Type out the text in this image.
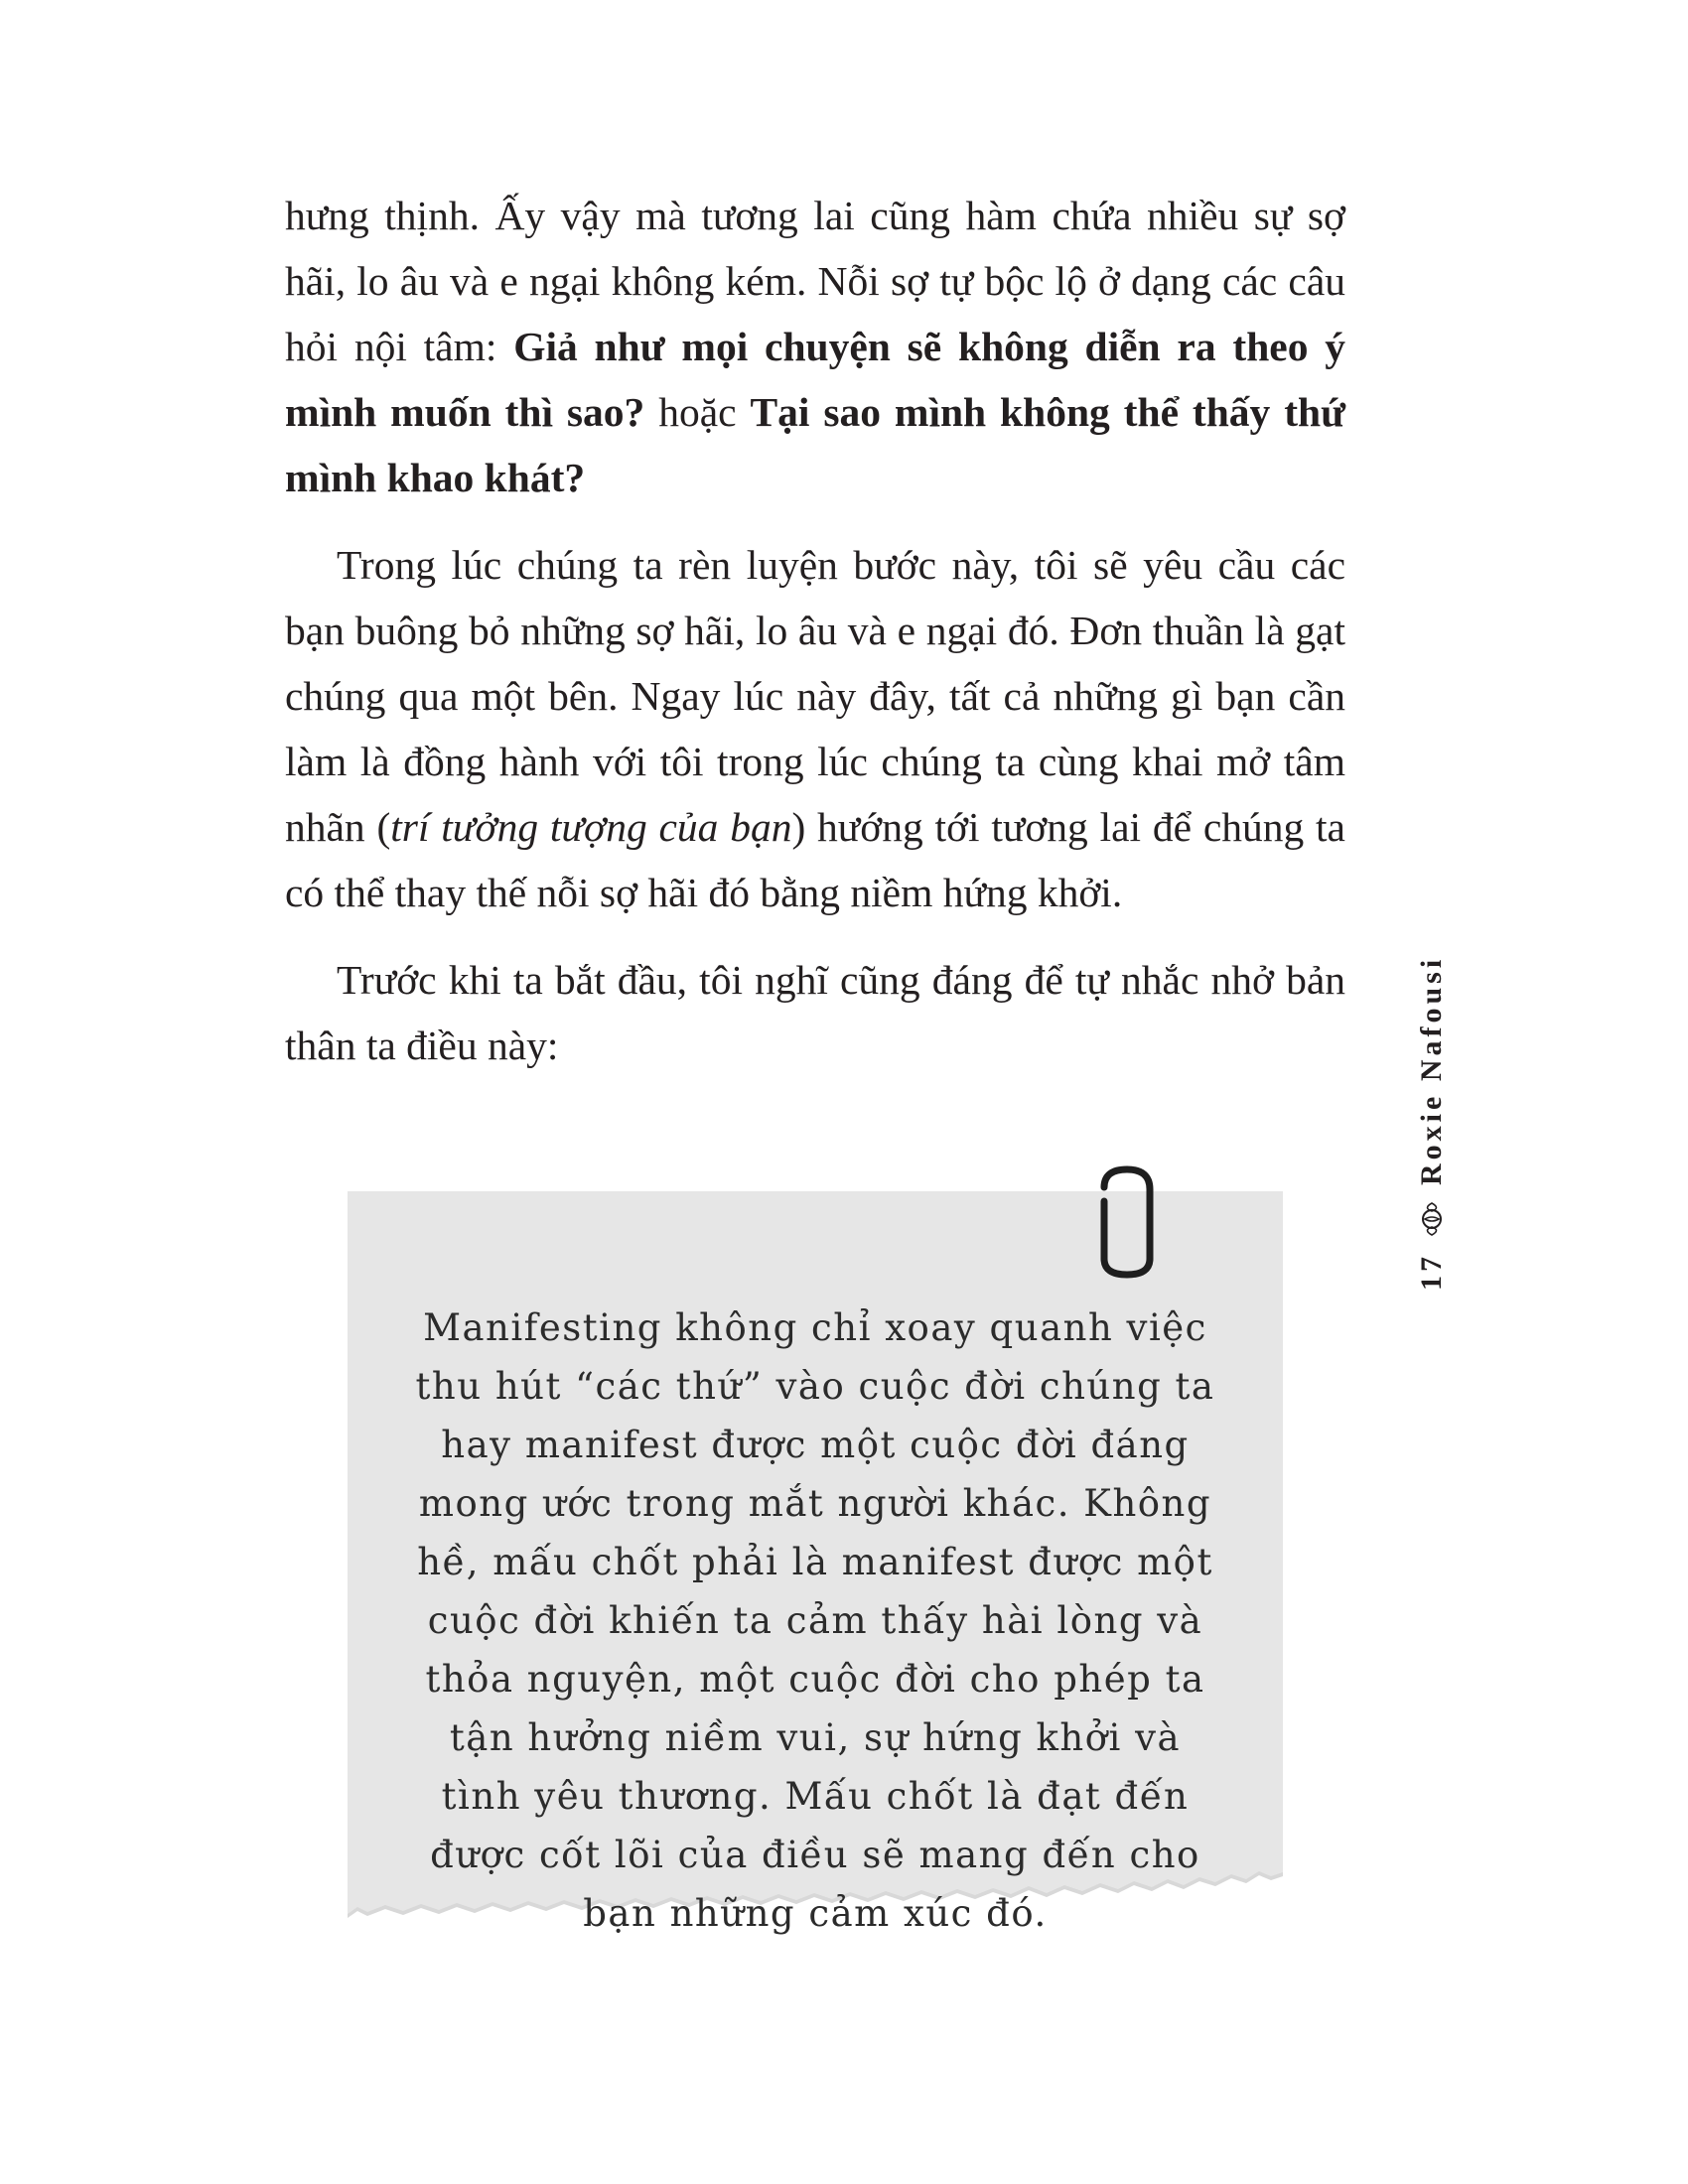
hưng thịnh. Ấy vậy mà tương lai cũng hàm chứa nhiều sự sợ hãi, lo âu và e ngại không kém. Nỗi sợ tự bộc lộ ở dạng các câu hỏi nội tâm: Giả như mọi chuyện sẽ không diễn ra theo ý mình muốn thì sao? hoặc Tại sao mình không thể thấy thứ mình khao khát?

Trong lúc chúng ta rèn luyện bước này, tôi sẽ yêu cầu các bạn buông bỏ những sợ hãi, lo âu và e ngại đó. Đơn thuần là gạt chúng qua một bên. Ngay lúc này đây, tất cả những gì bạn cần làm là đồng hành với tôi trong lúc chúng ta cùng khai mở tâm nhãn (trí tưởng tượng của bạn) hướng tới tương lai để chúng ta có thể thay thế nỗi sợ hãi đó bằng niềm hứng khởi.

Trước khi ta bắt đầu, tôi nghĩ cũng đáng để tự nhắc nhở bản thân ta điều này:

Manifesting không chỉ xoay quanh việc thu hút “các thứ” vào cuộc đời chúng ta hay manifest được một cuộc đời đáng mong ước trong mắt người khác. Không hề, mấu chốt phải là manifest được một cuộc đời khiến ta cảm thấy hài lòng và thỏa nguyện, một cuộc đời cho phép ta tận hưởng niềm vui, sự hứng khởi và tình yêu thương. Mấu chốt là đạt đến được cốt lõi của điều sẽ mang đến cho bạn những cảm xúc đó.
17
Roxie Nafousi
